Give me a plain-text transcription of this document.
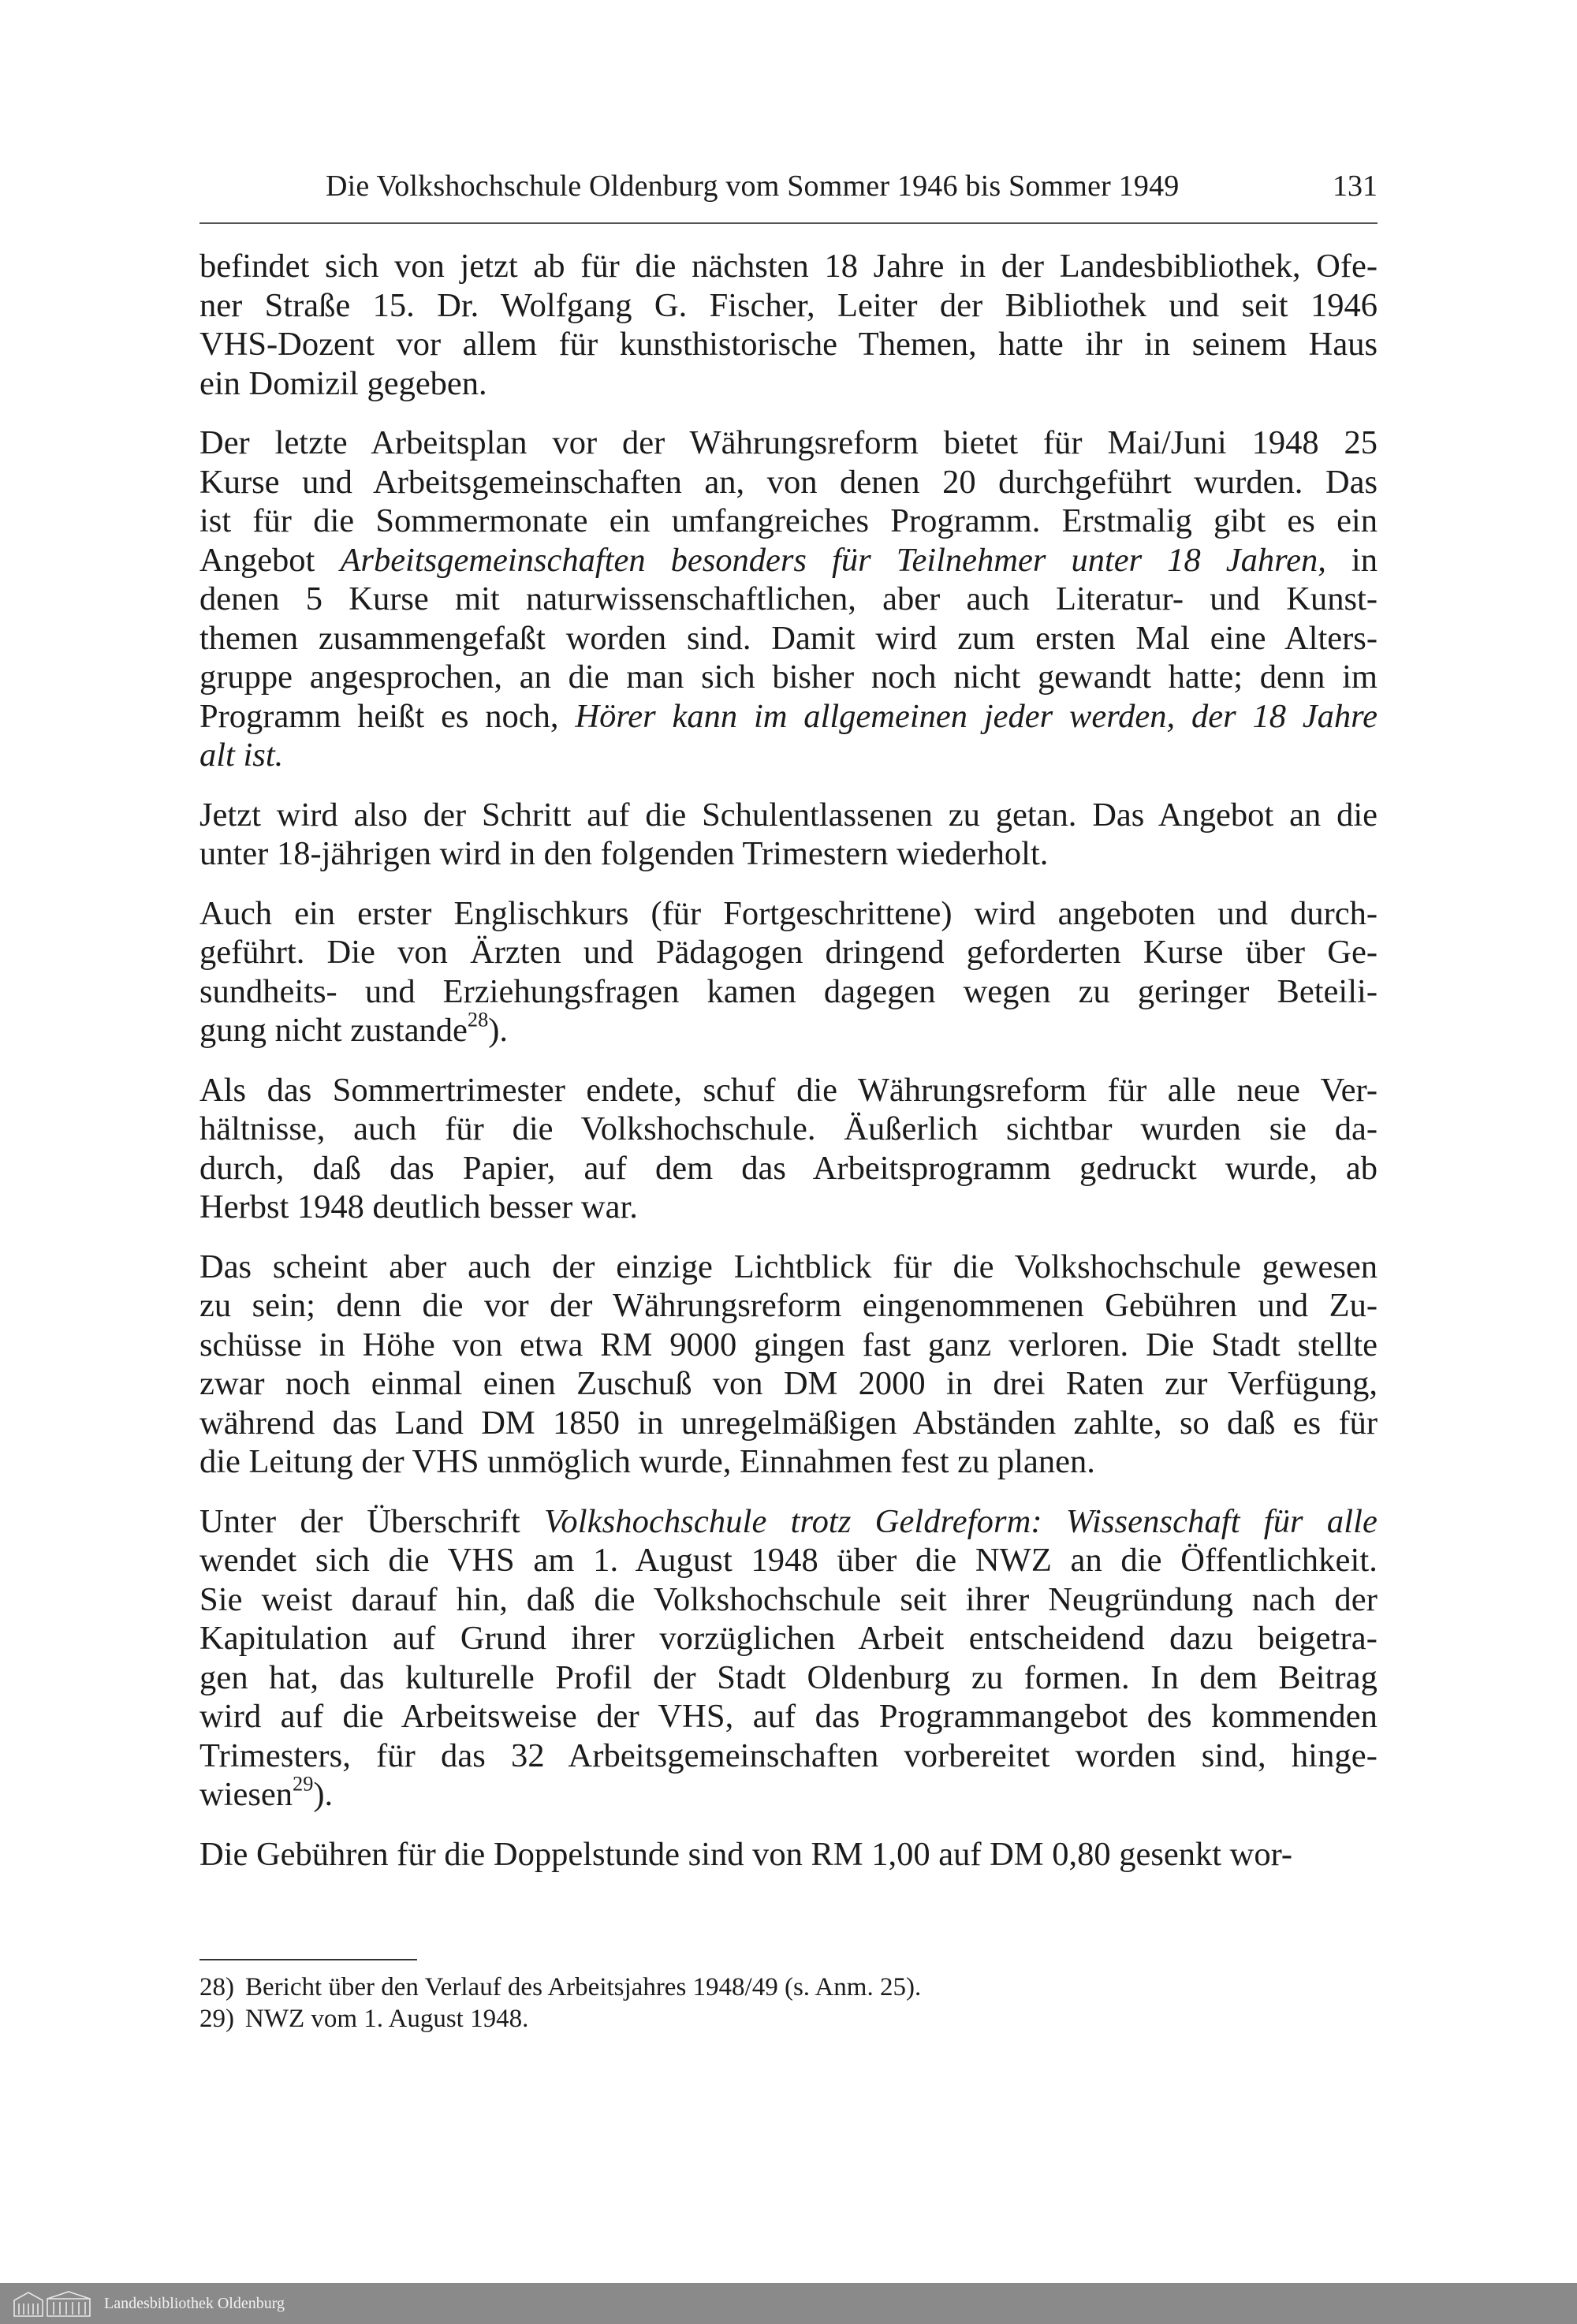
Die Volkshochschule Oldenburg vom Sommer 1946 bis Sommer 1949	131

befindet sich von jetzt ab für die nächsten 18 Jahre in der Landesbibliothek, Ofe-
ner Straße 15. Dr. Wolfgang G. Fischer, Leiter der Bibliothek und seit 1946
VHS-Dozent vor allem für kunsthistorische Themen, hatte ihr in seinem Haus
ein Domizil gegeben.

Der letzte Arbeitsplan vor der Währungsreform bietet für Mai/Juni 1948 25
Kurse und Arbeitsgemeinschaften an, von denen 20 durchgeführt wurden. Das
ist für die Sommermonate ein umfangreiches Programm. Erstmalig gibt es ein
Angebot Arbeitsgemeinschaften besonders für Teilnehmer unter 18 Jahren, in
denen 5 Kurse mit naturwissenschaftlichen, aber auch Literatur- und Kunst-
themen zusammengefaßt worden sind. Damit wird zum ersten Mal eine Alters-
gruppe angesprochen, an die man sich bisher noch nicht gewandt hatte; denn im
Programm heißt es noch, Hörer kann im allgemeinen jeder werden, der 18 Jahre
alt ist.

Jetzt wird also der Schritt auf die Schulentlassenen zu getan. Das Angebot an die
unter 18-jährigen wird in den folgenden Trimestern wiederholt.

Auch ein erster Englischkurs (für Fortgeschrittene) wird angeboten und durch-
geführt. Die von Ärzten und Pädagogen dringend geforderten Kurse über Ge-
sundheits- und Erziehungsfragen kamen dagegen wegen zu geringer Beteili-
gung nicht zustande$^{28}$).

Als das Sommertrimester endete, schuf die Währungsreform für alle neue Ver-
hältnisse, auch für die Volkshochschule. Äußerlich sichtbar wurden sie da-
durch, daß das Papier, auf dem das Arbeitsprogramm gedruckt wurde, ab
Herbst 1948 deutlich besser war.

Das scheint aber auch der einzige Lichtblick für die Volkshochschule gewesen
zu sein; denn die vor der Währungsreform eingenommenen Gebühren und Zu-
schüsse in Höhe von etwa RM 9000 gingen fast ganz verloren. Die Stadt stellte
zwar noch einmal einen Zuschuß von DM 2000 in drei Raten zur Verfügung,
während das Land DM 1850 in unregelmäßigen Abständen zahlte, so daß es für
die Leitung der VHS unmöglich wurde, Einnahmen fest zu planen.

Unter der Überschrift Volkshochschule trotz Geldreform: Wissenschaft für alle
wendet sich die VHS am 1. August 1948 über die NWZ an die Öffentlichkeit.
Sie weist darauf hin, daß die Volkshochschule seit ihrer Neugründung nach der
Kapitulation auf Grund ihrer vorzüglichen Arbeit entscheidend dazu beigetra-
gen hat, das kulturelle Profil der Stadt Oldenburg zu formen. In dem Beitrag
wird auf die Arbeitsweise der VHS, auf das Programmangebot des kommenden
Trimesters, für das 32 Arbeitsgemeinschaften vorbereitet worden sind, hinge-
wiesen$^{29}$).

Die Gebühren für die Doppelstunde sind von RM 1,00 auf DM 0,80 gesenkt wor-

28) Bericht über den Verlauf des Arbeitsjahres 1948/49 (s. Anm. 25).
29) NWZ vom 1. August 1948.
Landesbibliothek Oldenburg
